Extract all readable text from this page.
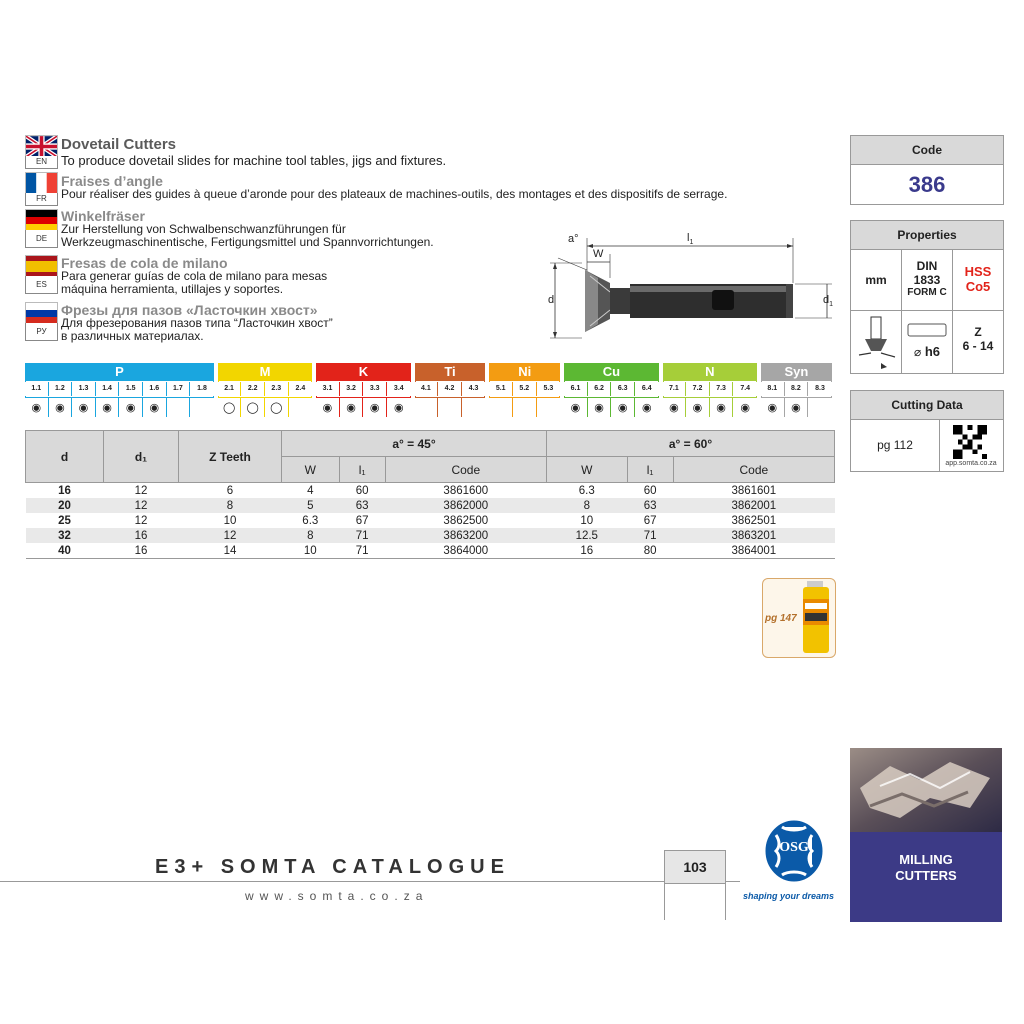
EN
Dovetail Cutters
To produce dovetail slides for machine tool tables, jigs and fixtures.
FR
Fraises d’angle
Pour réaliser des guides à queue d’aronde pour des plateaux de machines-outils, des montages et des dispositifs de serrage.
DE
Winkelfräser
Zur Herstellung von Schwalbenschwanzführungen für
Werkzeugmaschinentische, Fertigungsmittel und Spannvorrichtungen.
ES
Fresas de cola de milano
Para generar guías de cola de milano para mesas
máquina herramienta, utillajes y soportes.
РУ
Фрезы для пазов «Ласточкин хвост»
Для фрезерования пазов типа “Ласточкин хвост”
в различных материалах.
a°
W
$l_1$
d	$d_1$
Code
386
Properties
mm
DIN
1833
FORM C
HSS
Co5
⌀ h6
Z
6 - 14
Cutting Data
pg 112
app.somta.co.za
P
1.1
◉
1.2
◉
1.3
◉
1.4
◉
1.5
◉
1.6
◉
1.7	1.8
M
2.1
◯
2.2
◯
2.3
◯
2.4
K
3.1
◉
3.2
◉
3.3
◉
3.4
◉
Ti
4.1	4.2	4.3
Ni
5.1	5.2	5.3
Cu
6.1
◉
6.2
◉
6.3
◉
6.4
◉
N
7.1
◉
7.2
◉
7.3
◉
7.4
◉
Syn
8.1
◉
8.2
◉
8.3
d	d₁	Z Teeth	a° = 45°			a° = 60°		
			W	l₁	Code	W	l₁	Code
16	12	6	4	60	3861600	6.3	60	3861601
20	12	8	5	63	3862000	8	63	3862001
25	12	10	6.3	67	3862500	10	67	3862501
32	16	12	8	71	3863200	12.5	71	3863201
40	16	14	10	71	3864000	16	80	3864001
pg 147
E3+ SOMTA CATALOGUE
www.somta.co.za
103
OSG
shaping your dreams
MILLING
CUTTERS
